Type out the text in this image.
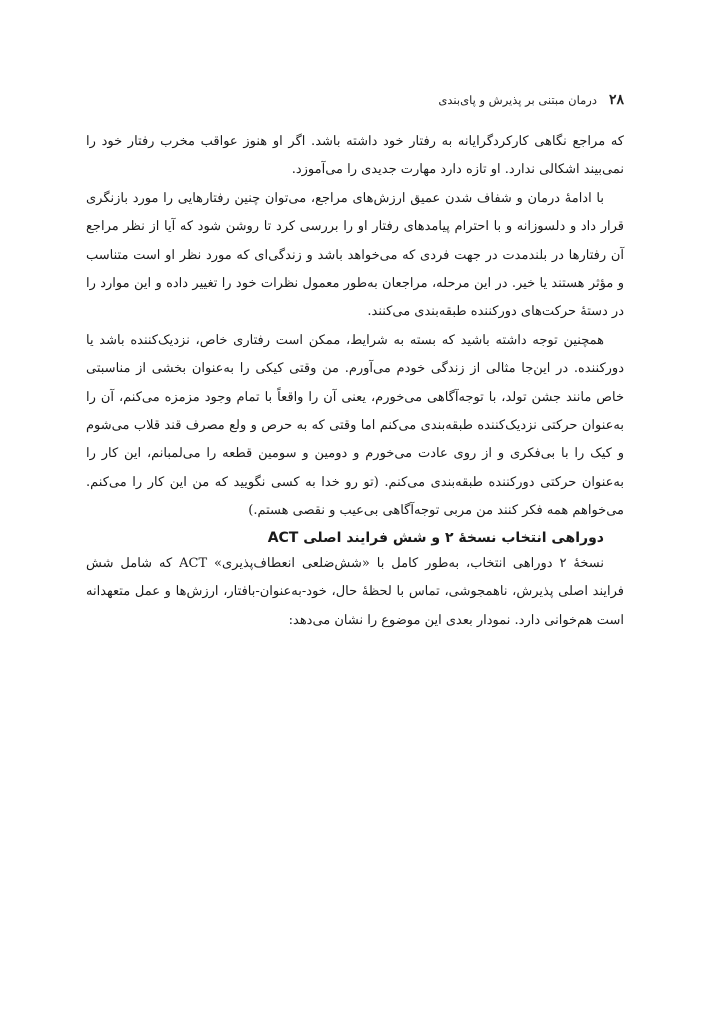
۲۸
درمان مبتنی بر پذیرش و پای‌بندی

که مراجع نگاهی کارکردگرایانه به رفتار خود داشته باشد. اگر او هنوز عواقب مخرب رفتار خود را نمی‌بیند اشکالی ندارد. او تازه دارد مهارت جدیدی را می‌آموزد.

با ادامهٔ درمان و شفاف شدن عمیق ارزش‌های مراجع، می‌توان چنین رفتارهایی را مورد بازنگری قرار داد و دلسوزانه و با احترام پیامدهای رفتار او را بررسی کرد تا روشن شود که آیا از نظر مراجع آن رفتارها در بلندمدت در جهت فردی که می‌خواهد باشد و زندگی‌ای که مورد نظر او است متناسب و مؤثر هستند یا خیر. در این مرحله، مراجعان به‌طور معمول نظرات خود را تغییر داده و این موارد را در دستهٔ حرکت‌های دورکننده طبقه‌بندی می‌کنند.

همچنین توجه داشته باشید که بسته به شرایط، ممکن است رفتاری خاص، نزدیک‌کننده باشد یا دورکننده. در این‌جا مثالی از زندگی خودم می‌آورم. من وقتی کیکی را به‌عنوان بخشی از مناسبتی خاص مانند جشن تولد، با توجه‌آگاهی می‌خورم، یعنی آن را واقعاً با تمام وجود مزمزه می‌کنم، آن را به‌عنوان حرکتی نزدیک‌کننده طبقه‌بندی می‌کنم اما وقتی که به حرص و ولع مصرف قند قلاب می‌شوم و کیک را با بی‌فکری و از روی عادت می‌خورم و دومین و سومین قطعه را می‌لمبانم، این کار را به‌عنوان حرکتی دورکننده طبقه‌بندی می‌کنم. (تو رو خدا به کسی نگویید که من این کار را می‌کنم. می‌خواهم همه فکر کنند من مربی توجه‌آگاهی بی‌عیب و نقصی هستم.)

دوراهی انتخاب نسخهٔ ۲ و شش فرایند اصلی ACT

نسخهٔ ۲ دوراهی انتخاب، به‌طور کامل با «شش‌ضلعی انعطاف‌پذیری» ACT که شامل شش فرایند اصلی پذیرش، ناهمجوشی، تماس با لحظهٔ حال، خود-به‌عنوان-بافتار، ارزش‌ها و عمل متعهدانه است هم‌خوانی دارد. نمودار بعدی این موضوع را نشان می‌دهد:
